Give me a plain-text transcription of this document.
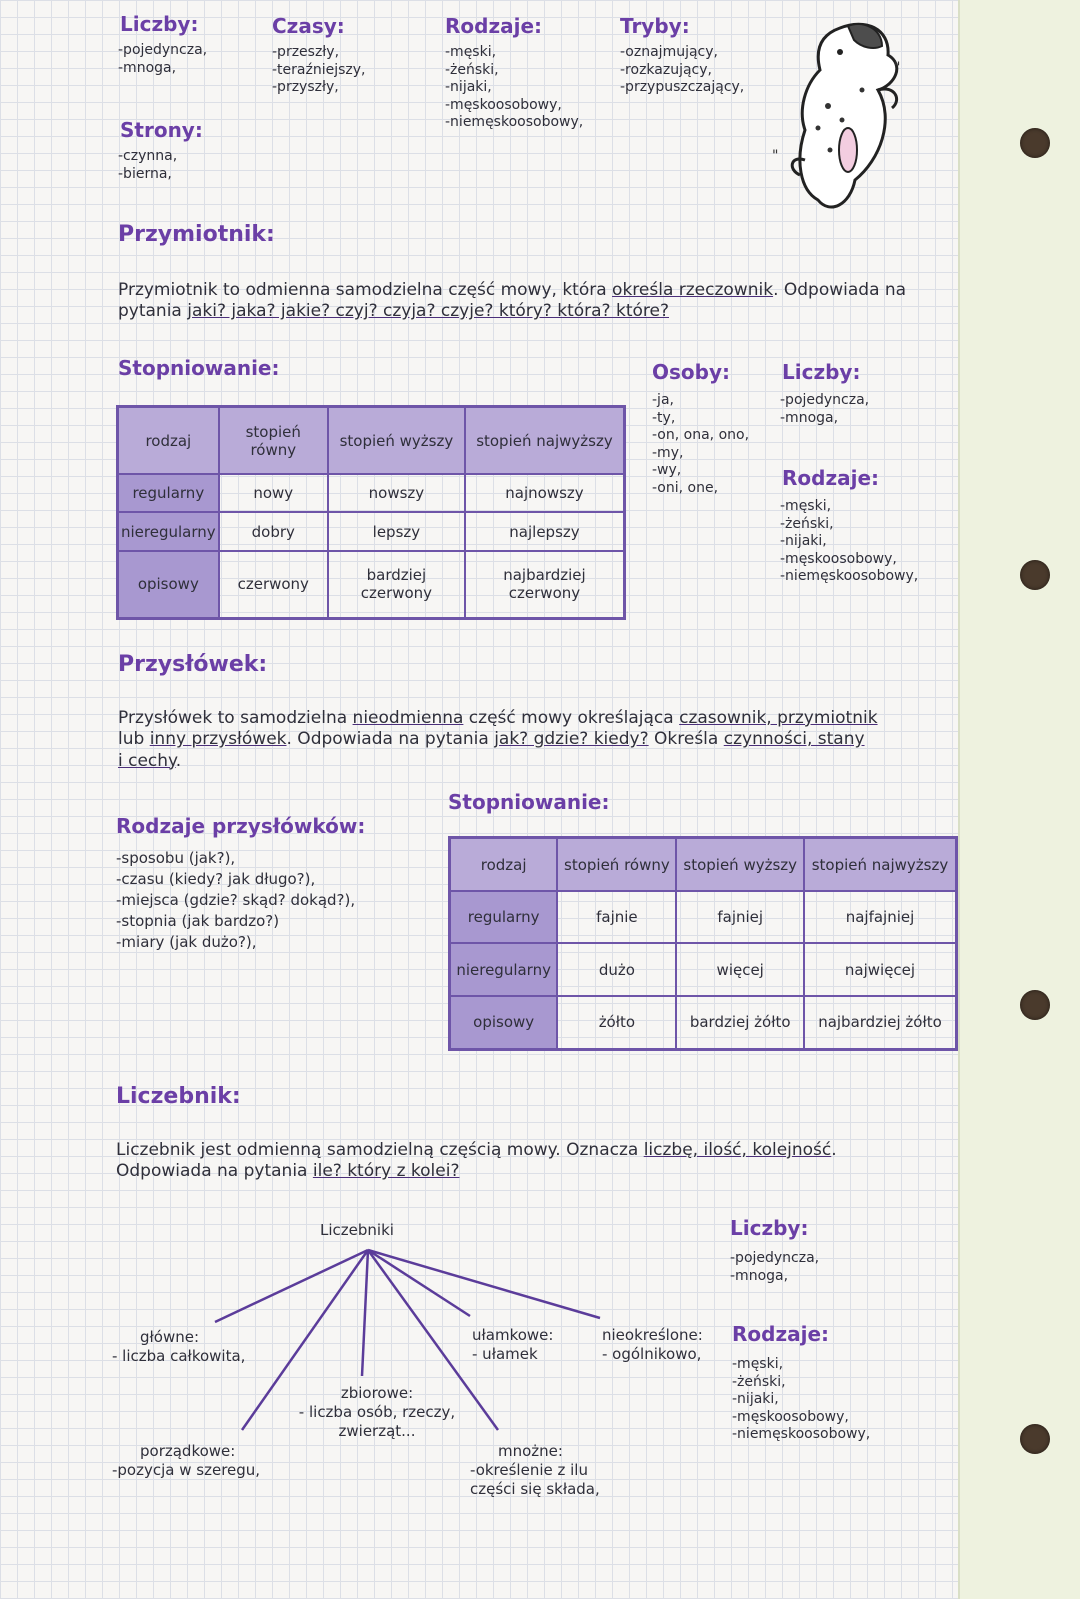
Liczby:
-pojedyncza,
-mnoga,
Czasy:
-przeszły,
-teraźniejszy,
-przyszły,
Rodzaje:
-męski,
-żeński,
-nijaki,
-męskoosobowy,
-niemęskoosobowy,
Tryby:
-oznajmujący,
-rozkazujący,
-przypuszczający,
Strony:
-czynna,
-bierna,
"
"
Przymiotnik:
Przymiotnik to odmienna samodzielna część mowy, która określa rzeczownik. Odpowiada na pytania jaki? jaka? jakie? czyj? czyja? czyje? który? która? które?
Stopniowanie:
rodzaj	stopień równy	stopień wyższy	stopień najwyższy
regularny	nowy	nowszy	najnowszy
nieregularny	dobry	lepszy	najlepszy
opisowy	czerwony	bardziej czerwony	najbardziej czerwony
Osoby:
-ja,
-ty,
-on, ona, ono,
-my,
-wy,
-oni, one,
Liczby:
-pojedyncza,
-mnoga,
Rodzaje:
-męski,
-żeński,
-nijaki,
-męskoosobowy,
-niemęskoosobowy,
Przysłówek:
Przysłówek to samodzielna nieodmienna część mowy określająca czasownik, przymiotnik
lub inny przysłówek. Odpowiada na pytania jak? gdzie? kiedy? Określa czynności, stany
i cechy.
Stopniowanie:
Rodzaje przysłówków:
-sposobu (jak?),
-czasu (kiedy? jak długo?),
-miejsca (gdzie? skąd? dokąd?),
-stopnia (jak bardzo?)
-miary (jak dużo?),
rodzaj	stopień równy	stopień wyższy	stopień najwyższy
regularny	fajnie	fajniej	najfajniej
nieregularny	dużo	więcej	najwięcej
opisowy	żółto	bardziej żółto	najbardziej żółto
Liczebnik:
Liczebnik jest odmienną samodzielną częścią mowy. Oznacza liczbę, ilość, kolejność.
Odpowiada na pytania ile? który z kolei?
Liczebniki
główne:
- liczba całkowita,
porządkowe:
-pozycja w szeregu,
zbiorowe:
- liczba osób, rzeczy, zwierząt...
mnożne:
-określenie z ilu części się składa,
ułamkowe:
- ułamek
nieokreślone:
- ogólnikowo,
Liczby:
-pojedyncza,
-mnoga,
Rodzaje:
-męski,
-żeński,
-nijaki,
-męskoosobowy,
-niemęskoosobowy,
